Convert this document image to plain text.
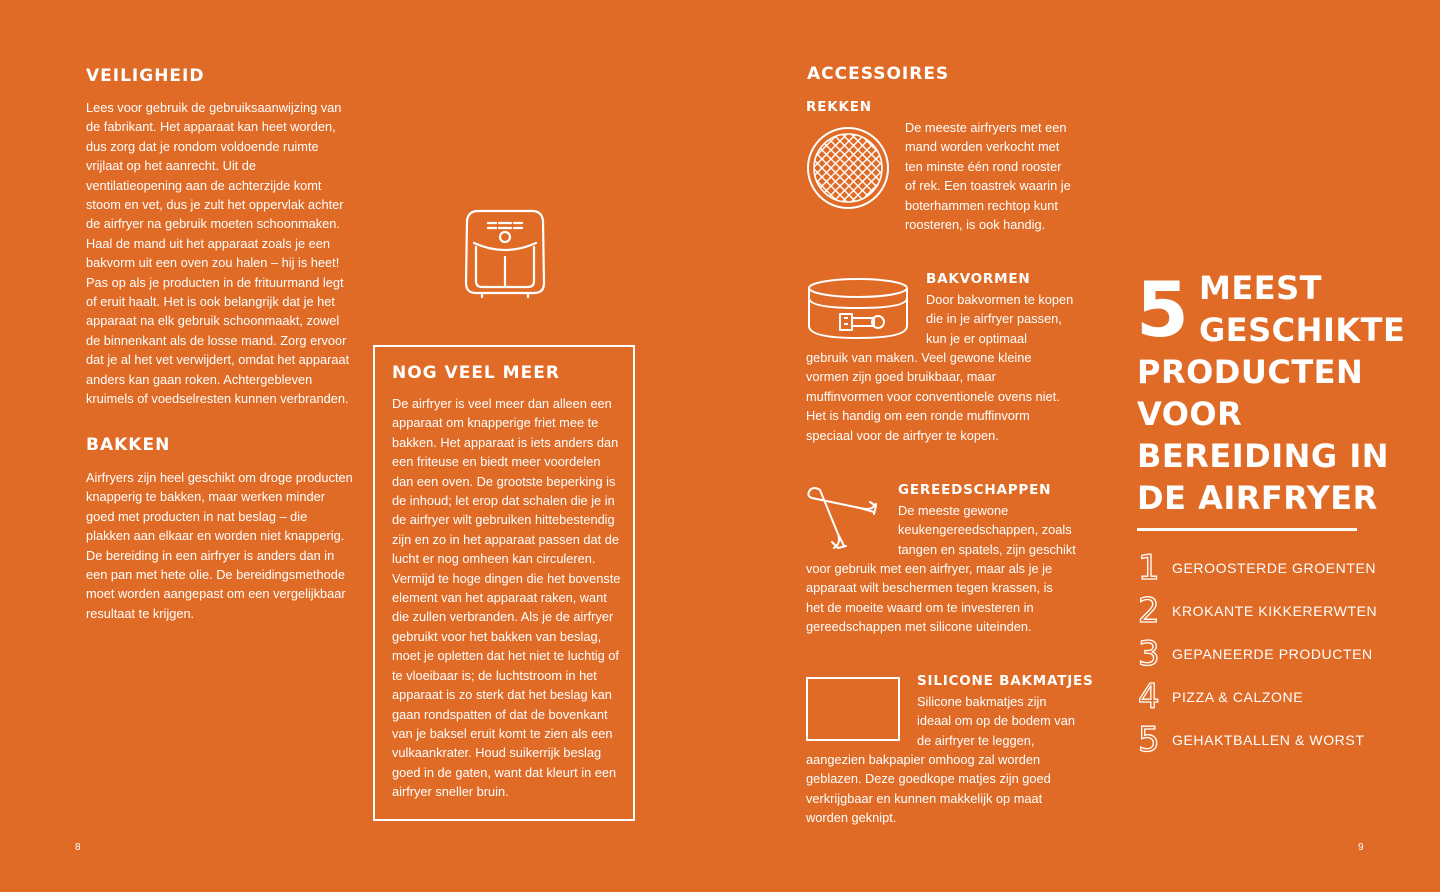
VEILIGHEID

Lees voor gebruik de gebruiksaanwijzing van de fabrikant. Het apparaat kan heet worden, dus zorg dat je rondom voldoende ruimte vrijlaat op het aanrecht. Uit de ventilatieopening aan de achterzijde komt stoom en vet, dus je zult het oppervlak achter de airfryer na gebruik moeten schoonmaken. Haal de mand uit het apparaat zoals je een bakvorm uit een oven zou halen – hij is heet! Pas op als je producten in de frituurmand legt of eruit haalt. Het is ook belangrijk dat je het apparaat na elk gebruik schoonmaakt, zowel de binnenkant als de losse mand. Zorg ervoor dat je al het vet verwijdert, omdat het apparaat anders kan gaan roken. Achtergebleven kruimels of voedselresten kunnen verbranden.

BAKKEN

Airfryers zijn heel geschikt om droge producten knapperig te bakken, maar werken minder goed met producten in nat beslag – die plakken aan elkaar en worden niet knapperig. De bereiding in een airfryer is anders dan in een pan met hete olie. De bereidingsmethode moet worden aangepast om een vergelijkbaar resultaat te krijgen.

NOG VEEL MEER

De airfryer is veel meer dan alleen een apparaat om knapperige friet mee te bakken. Het apparaat is iets anders dan een friteuse en biedt meer voordelen dan een oven. De grootste beperking is de inhoud; let erop dat schalen die je in de airfryer wilt gebruiken hittebestendig zijn en zo in het apparaat passen dat de lucht er nog omheen kan circuleren. Vermijd te hoge dingen die het bovenste element van het apparaat raken, want die zullen verbranden. Als je de airfryer gebruikt voor het bakken van beslag, moet je opletten dat het niet te luchtig of te vloeibaar is; de luchtstroom in het apparaat is zo sterk dat het beslag kan gaan rondspatten of dat de bovenkant van je baksel eruit komt te zien als een vulkaankrater. Houd suikerrijk beslag goed in de gaten, want dat kleurt in een airfryer sneller bruin.

8
ACCESSOIRES
REKKEN

De meeste airfryers met een mand worden verkocht met ten minste één rond rooster of rek. Een toastrek waarin je boterhammen rechtop kunt roosteren, is ook handig.

BAKVORMEN

Door bakvormen te kopen die in je airfryer passen, kun je er optimaal

gebruik van maken. Veel gewone kleine vormen zijn goed bruikbaar, maar muffinvormen voor conventionele ovens niet. Het is handig om een ronde muffinvorm speciaal voor de airfryer te kopen.

GEREEDSCHAPPEN

De meeste gewone keukengereedschappen, zoals tangen en spatels, zijn geschikt

voor gebruik met een airfryer, maar als je je apparaat wilt beschermen tegen krassen, is het de moeite waard om te investeren in gereedschappen met silicone uiteinden.

SILICONE BAKMATJES

Silicone bakmatjes zijn ideaal om op de bodem van de airfryer te leggen,

aangezien bakpapier omhoog zal worden geblazen. Deze goedkope matjes zijn goed verkrijgbaar en kunnen makkelijk op maat worden geknipt.

5 MEEST
GESCHIKTE
PRODUCTEN
VOOR
BEREIDING IN
DE AIRFRYER
1 GEROOSTERDE GROENTEN
2 KROKANTE KIKKERERWTEN
3 GEPANEERDE PRODUCTEN
4 PIZZA & CALZONE
5 GEHAKTBALLEN & WORST
9
